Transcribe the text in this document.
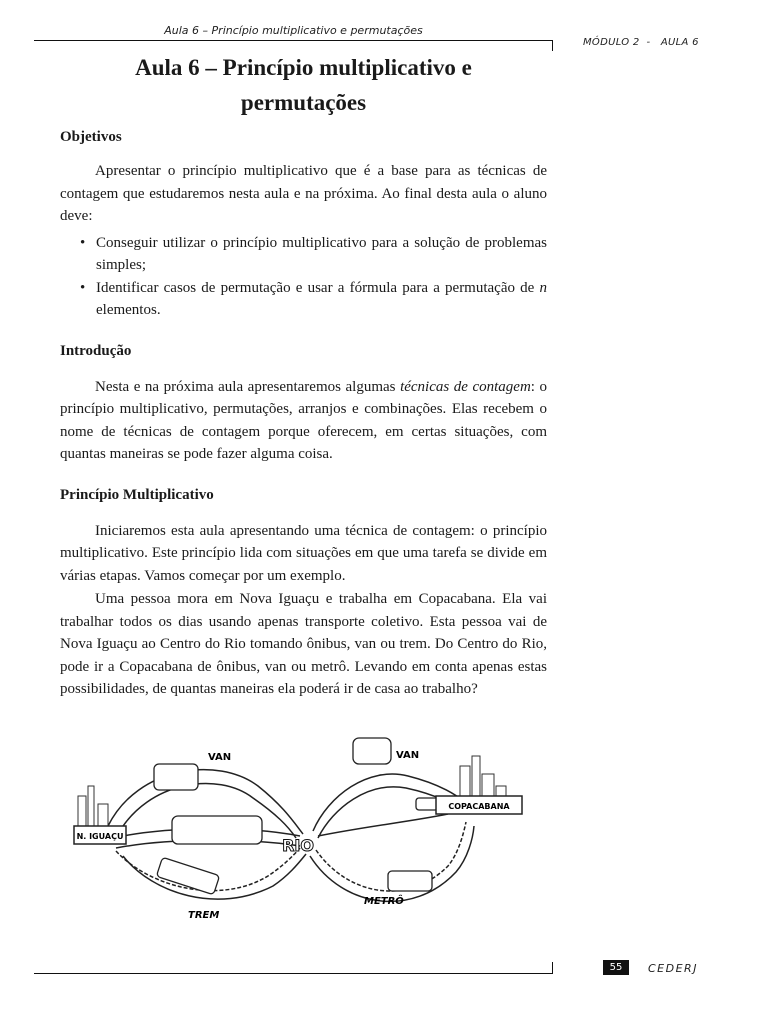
Aula 6 – Princípio multiplicativo e permutações
MÓDULO 2  -   AULA 6
Aula 6 – Princípio multiplicativo e
permutações
Objetivos

Apresentar o princípio multiplicativo que é a base para as técnicas de contagem que estudaremos nesta aula e na próxima. Ao final desta aula o aluno deve:

• Conseguir utilizar o princípio multiplicativo para a solução de problemas simples;
• Identificar casos de permutação e usar a fórmula para a permutação de n elementos.
Introdução

Nesta e na próxima aula apresentaremos algumas técnicas de contagem: o princípio multiplicativo, permutações, arranjos e combinações. Elas recebem o nome de técnicas de contagem porque oferecem, em certas situações, com quantas maneiras se pode fazer alguma coisa.

Princípio Multiplicativo

Iniciaremos esta aula apresentando uma técnica de contagem: o princípio multiplicativo. Este princípio lida com situações em que uma tarefa se divide em várias etapas. Vamos começar por um exemplo.

Uma pessoa mora em Nova Iguaçu e trabalha em Copacabana. Ela vai trabalhar todos os dias usando apenas transporte coletivo. Esta pessoa vai de Nova Iguaçu ao Centro do Rio tomando ônibus, van ou trem. Do Centro do Rio, pode ir a Copacabana de ônibus, van ou metrô. Levando em conta apenas estas possibilidades, de quantas maneiras ela poderá ir de casa ao trabalho?

N. IGUAÇU
COPACABANA
RIO
VAN	VAN
TREM
METRÔ
55	CEDERJ
